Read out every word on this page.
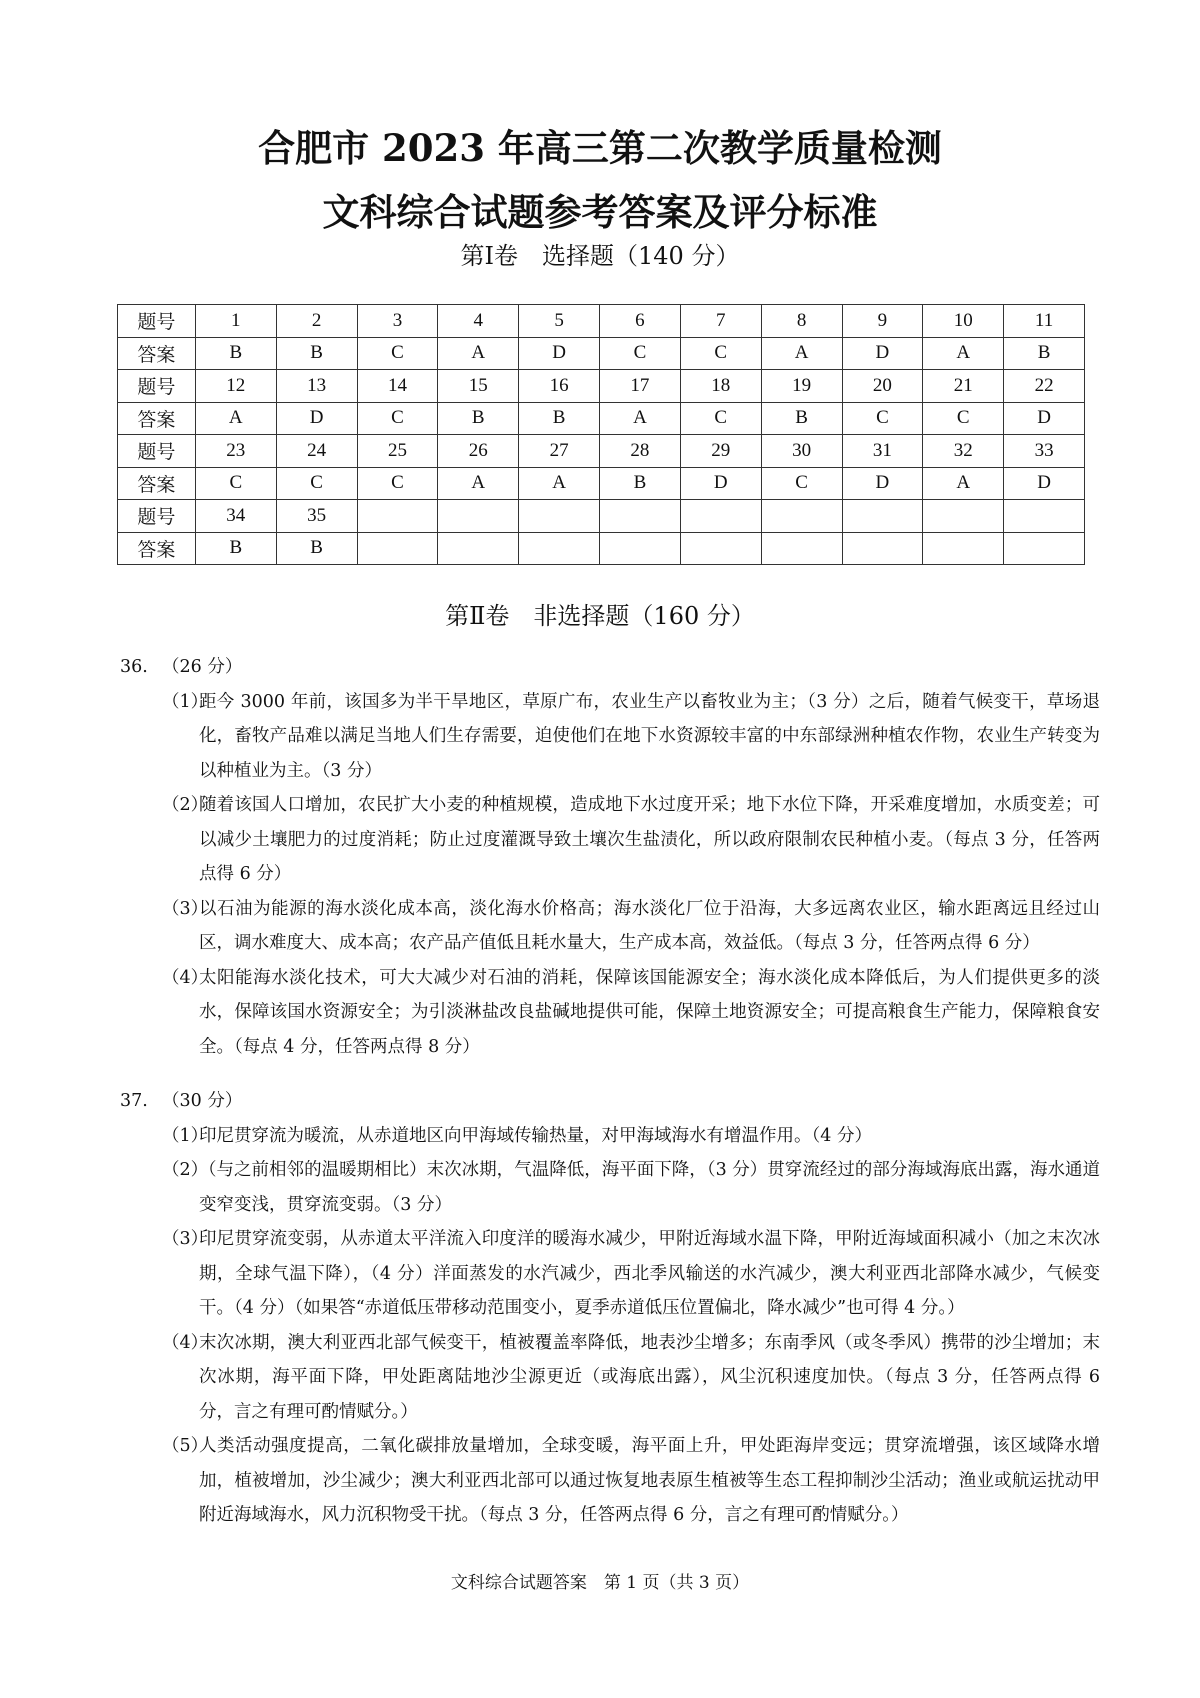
合肥市 2023 年高三第二次教学质量检测
文科综合试题参考答案及评分标准
第Ⅰ卷　选择题（140 分）
题号	1	2	3	4	5	6	7	8	9	10	11
答案	B	B	C	A	D	C	C	A	D	A	B
题号	12	13	14	15	16	17	18	19	20	21	22
答案	A	D	C	B	B	A	C	B	C	C	D
题号	23	24	25	26	27	28	29	30	31	32	33
答案	C	C	C	A	A	B	D	C	D	A	D
题号	34	35									
答案	B	B									
第Ⅱ卷　非选择题（160 分）

36. （26 分）

（1）
距今 3000 年前，该国多为半干旱地区，草原广布，农业生产以畜牧业为主；（3 分）之后，随着气候变干，草场退化，畜牧产品难以满足当地人们生存需要，迫使他们在地下水资源较丰富的中东部绿洲种植农作物，农业生产转变为以种植业为主。（3 分）

（2）
随着该国人口增加，农民扩大小麦的种植规模，造成地下水过度开采；地下水位下降，开采难度增加，水质变差；可以减少土壤肥力的过度消耗；防止过度灌溉导致土壤次生盐渍化，所以政府限制农民种植小麦。（每点 3 分，任答两点得 6 分）

（3）
以石油为能源的海水淡化成本高，淡化海水价格高；海水淡化厂位于沿海，大多远离农业区，输水距离远且经过山区，调水难度大、成本高；农产品产值低且耗水量大，生产成本高，效益低。（每点 3 分，任答两点得 6 分）

（4）
太阳能海水淡化技术，可大大减少对石油的消耗，保障该国能源安全；海水淡化成本降低后，为人们提供更多的淡水，保障该国水资源安全；为引淡淋盐改良盐碱地提供可能，保障土地资源安全；可提高粮食生产能力，保障粮食安全。（每点 4 分，任答两点得 8 分）

37. （30 分）

（1）
印尼贯穿流为暖流，从赤道地区向甲海域传输热量，对甲海域海水有增温作用。（4 分）

（2）
（与之前相邻的温暖期相比）末次冰期，气温降低，海平面下降，（3 分）贯穿流经过的部分海域海底出露，海水通道变窄变浅，贯穿流变弱。（3 分）

（3）
印尼贯穿流变弱，从赤道太平洋流入印度洋的暖海水减少，甲附近海域水温下降，甲附近海域面积减小（加之末次冰期，全球气温下降），（4 分）洋面蒸发的水汽减少，西北季风输送的水汽减少，澳大利亚西北部降水减少，气候变干。（4 分）（如果答“赤道低压带移动范围变小，夏季赤道低压位置偏北，降水减少”也可得 4 分。）

（4）
末次冰期，澳大利亚西北部气候变干，植被覆盖率降低，地表沙尘增多；东南季风（或冬季风）携带的沙尘增加；末次冰期，海平面下降，甲处距离陆地沙尘源更近（或海底出露），风尘沉积速度加快。（每点 3 分，任答两点得 6 分，言之有理可酌情赋分。）

（5）
人类活动强度提高，二氧化碳排放量增加，全球变暖，海平面上升，甲处距海岸变远；贯穿流增强，该区域降水增加，植被增加，沙尘减少；澳大利亚西北部可以通过恢复地表原生植被等生态工程抑制沙尘活动；渔业或航运扰动甲附近海域海水，风力沉积物受干扰。（每点 3 分，任答两点得 6 分，言之有理可酌情赋分。）

文科综合试题答案　第 1 页（共 3 页）
